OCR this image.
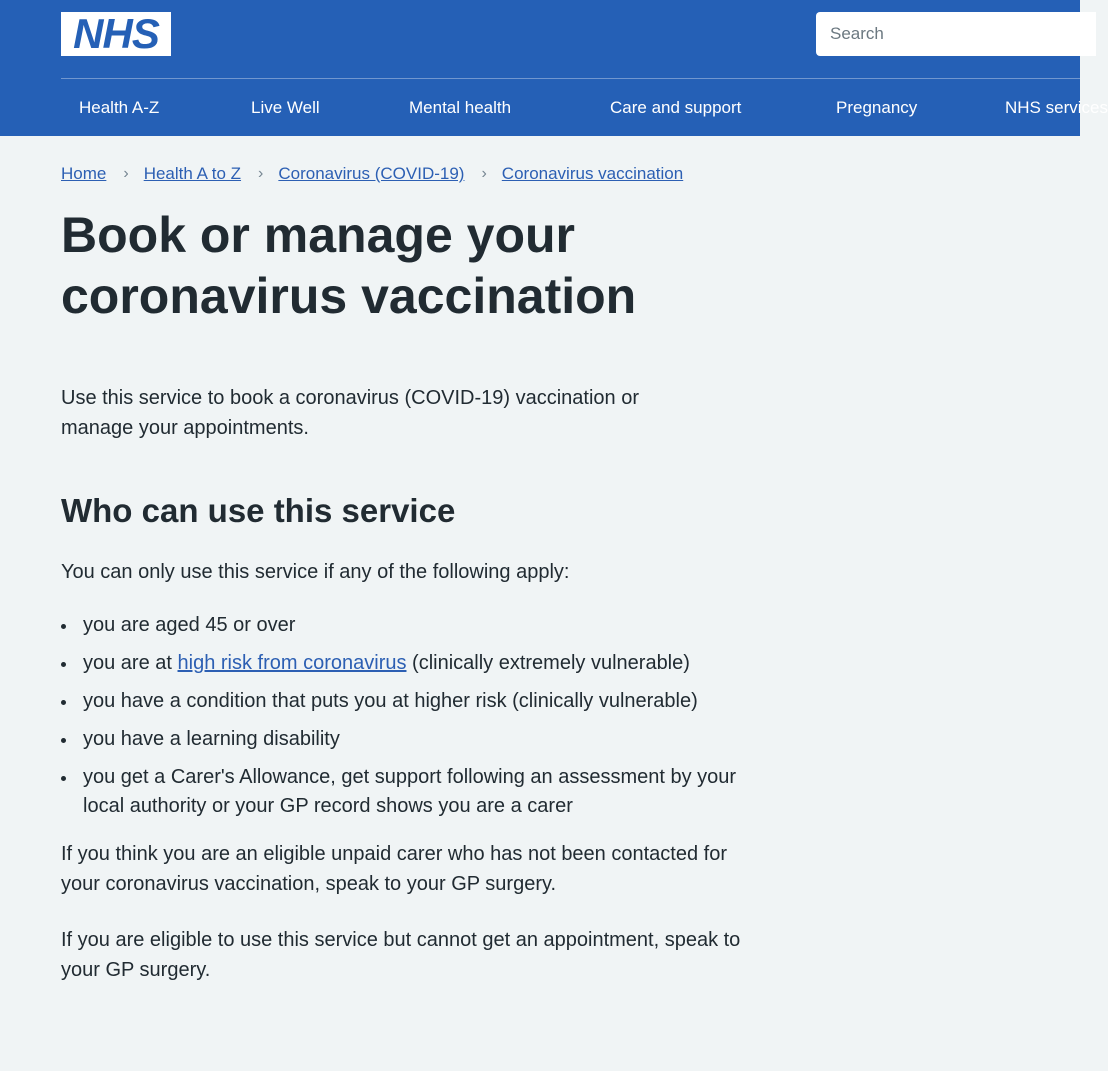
NHS
Search
Health A-Z	Live Well	Mental health	Care and support	Pregnancy	NHS services
Home › Health A to Z › Coronavirus (COVID-19) › Coronavirus vaccination
Book or manage your coronavirus vaccination

Use this service to book a coronavirus (COVID-19) vaccination or manage your appointments.

Who can use this service

You can only use this service if any of the following apply:

you are aged 45 or over
you are at high risk from coronavirus (clinically extremely vulnerable)
you have a condition that puts you at higher risk (clinically vulnerable)
you have a learning disability
you get a Carer's Allowance, get support following an assessment by your local authority or your GP record shows you are a carer

If you think you are an eligible unpaid carer who has not been contacted for your coronavirus vaccination, speak to your GP surgery.

If you are eligible to use this service but cannot get an appointment, speak to your GP surgery.
